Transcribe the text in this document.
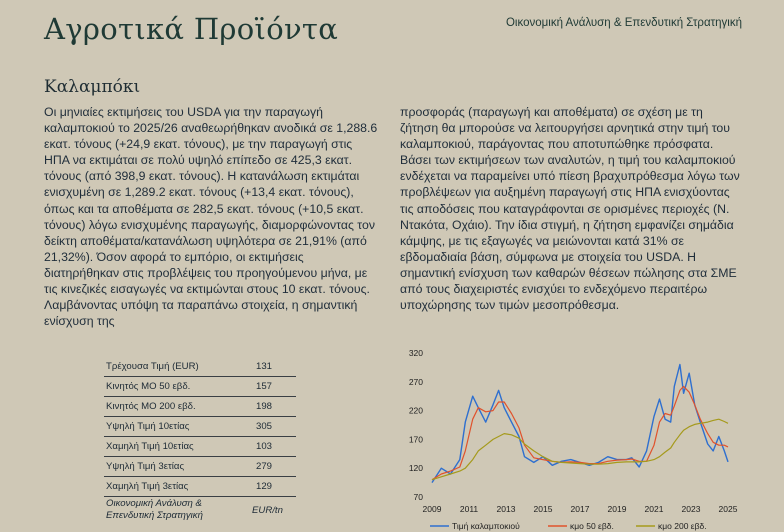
Αγροτικά Προϊόντα	Οικονομική Ανάλυση & Επενδυτική Στρατηγική
Καλαμπόκι
Οι μηνιαίες εκτιμήσεις του USDA για την παραγωγή καλαμποκιού το 2025/26 αναθεωρήθηκαν ανοδικά σε 1,288.6 εκατ. τόνους (+24,9 εκατ. τόνους), με την παραγωγή στις ΗΠΑ να εκτιμάται σε πολύ υψηλό επίπεδο σε 425,3 εκατ. τόνους (από 398,9 εκατ. τόνους). Η κατανάλωση εκτιμάται ενισχυμένη σε 1,289.2 εκατ. τόνους (+13,4 εκατ. τόνους), όπως και τα αποθέματα σε 282,5 εκατ. τόνους (+10,5 εκατ. τόνους) λόγω ενισχυμένης παραγωγής, διαμορφώνοντας τον δείκτη αποθέματα/κατανάλωση υψηλότερα σε 21,91% (από 21,32%). Όσον αφορά το εμπόριο, οι εκτιμήσεις διατηρήθηκαν στις προβλέψεις του προηγούμενου μήνα, με τις κινεζικές εισαγωγές να εκτιμώνται στους 10 εκατ. τόνους. Λαμβάνοντας υπόψη τα παραπάνω στοιχεία, η σημαντική ενίσχυση της
προσφοράς (παραγωγή και αποθέματα) σε σχέση με τη ζήτηση θα μπορούσε να λειτουργήσει αρνητικά στην τιμή του καλαμποκιού, παράγοντας που αποτυπώθηκε πρόσφατα. Βάσει των εκτιμήσεων των αναλυτών, η τιμή του καλαμποκιού ενδέχεται να παραμείνει υπό πίεση βραχυπρόθεσμα λόγω των προβλέψεων για αυξημένη παραγωγή στις ΗΠΑ ενισχύοντας τις αποδόσεις που καταγράφονται σε ορισμένες περιοχές (Ν. Ντακότα, Οχάιο). Την ίδια στιγμή, η ζήτηση εμφανίζει σημάδια κάμψης, με τις εξαγωγές να μειώνονται κατά 31% σε εβδομαδιαία βάση, σύμφωνα με στοιχεία του USDA. Η σημαντική ενίσχυση των καθαρών θέσεων πώλησης στα ΣΜΕ από τους διαχειριστές ενισχύει το ενδεχόμενο περαιτέρω υποχώρησης των τιμών μεσοπρόθεσμα.
Τρέχουσα Τιμή (EUR)	131
Κινητός ΜΟ 50 εβδ.	157
Κινητός ΜΟ 200 εβδ.	198
Υψηλή Τιμή 10ετίας	305
Χαμηλή Τιμή 10ετίας	103
Υψηλή Τιμή 3ετίας	279
Χαμηλή Τιμή 3ετίας	129
Οικονομική Ανάλυση & Επενδυτική Στρατηγική	EUR/tn
70
120
170
220
270
320
2009 2011 2013 2015 2017 2019 2021 2023 2025
Τιμή καλαμποκιού	κμο 50 εβδ.	κμο 200 εβδ.
